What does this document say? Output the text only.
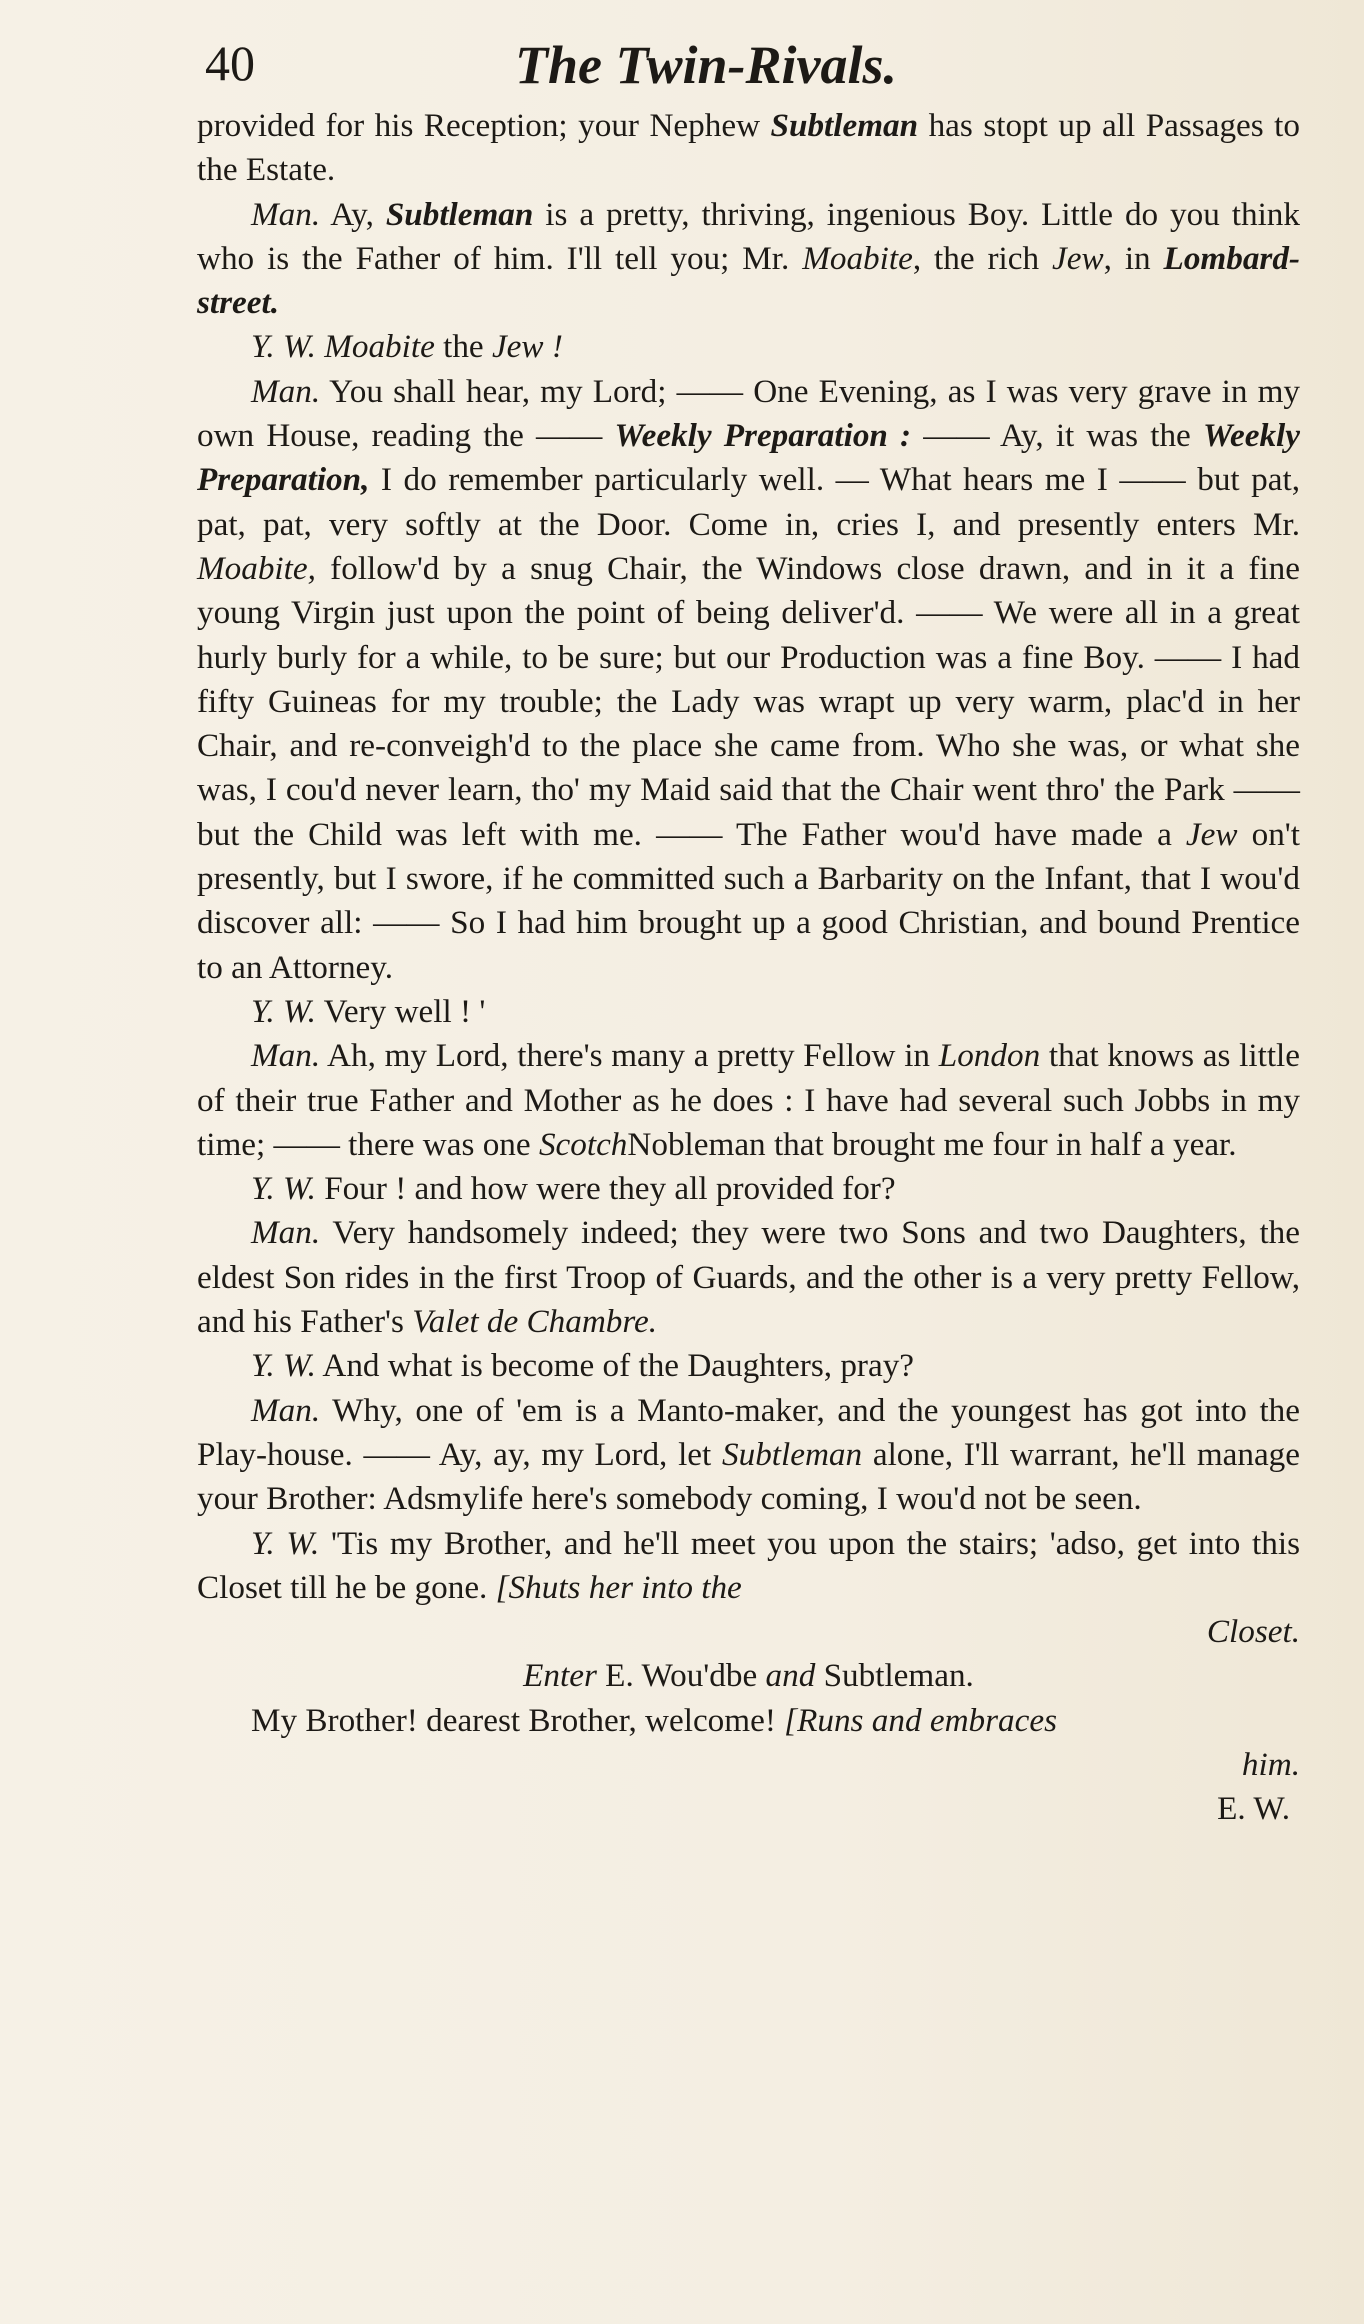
40	The Twin-Rivals.

provided for his Reception; your Nephew Subtleman has stopt up all Passages to the Estate.

Man. Ay, Subtleman is a pretty, thriving, ingenious Boy. Little do you think who is the Father of him. I'll tell you; Mr. Moabite, the rich Jew, in Lombard-street.

Y. W. Moabite the Jew !

Man. You shall hear, my Lord; —— One Evening, as I was very grave in my own House, reading the —— Weekly Preparation : —— Ay, it was the Weekly Preparation, I do remember particularly well. — What hears me I —— but pat, pat, pat, very softly at the Door. Come in, cries I, and presently enters Mr. Moabite, follow'd by a snug Chair, the Windows close drawn, and in it a fine young Virgin just upon the point of being deliver'd. —— We were all in a great hurly burly for a while, to be sure; but our Production was a fine Boy. —— I had fifty Guineas for my trouble; the Lady was wrapt up very warm, plac'd in her Chair, and re-conveigh'd to the place she came from. Who she was, or what she was, I cou'd never learn, tho' my Maid said that the Chair went thro' the Park —— but the Child was left with me. —— The Father wou'd have made a Jew on't presently, but I swore, if he committed such a Barbarity on the Infant, that I wou'd discover all: —— So I had him brought up a good Christian, and bound Prentice to an Attorney.

Y. W. Very well ! '

Man. Ah, my Lord, there's many a pretty Fellow in London that knows as little of their true Father and Mother as he does : I have had several such Jobbs in my time; —— there was one ScotchNobleman that brought me four in half a year.

Y. W. Four ! and how were they all provided for?

Man. Very handsomely indeed; they were two Sons and two Daughters, the eldest Son rides in the first Troop of Guards, and the other is a very pretty Fellow, and his Father's Valet de Chambre.

Y. W. And what is become of the Daughters, pray?

Man. Why, one of 'em is a Manto-maker, and the youngest has got into the Play-house. —— Ay, ay, my Lord, let Subtleman alone, I'll warrant, he'll manage your Brother: Adsmylife here's somebody coming, I wou'd not be seen.

Y. W. 'Tis my Brother, and he'll meet you upon the stairs; 'adso, get into this Closet till he be gone. [Shuts her into the
Closet.

Enter E. Wou'dbe and Subtleman.

My Brother! dearest Brother, welcome! [Runs and embraces
him.

E. W.
